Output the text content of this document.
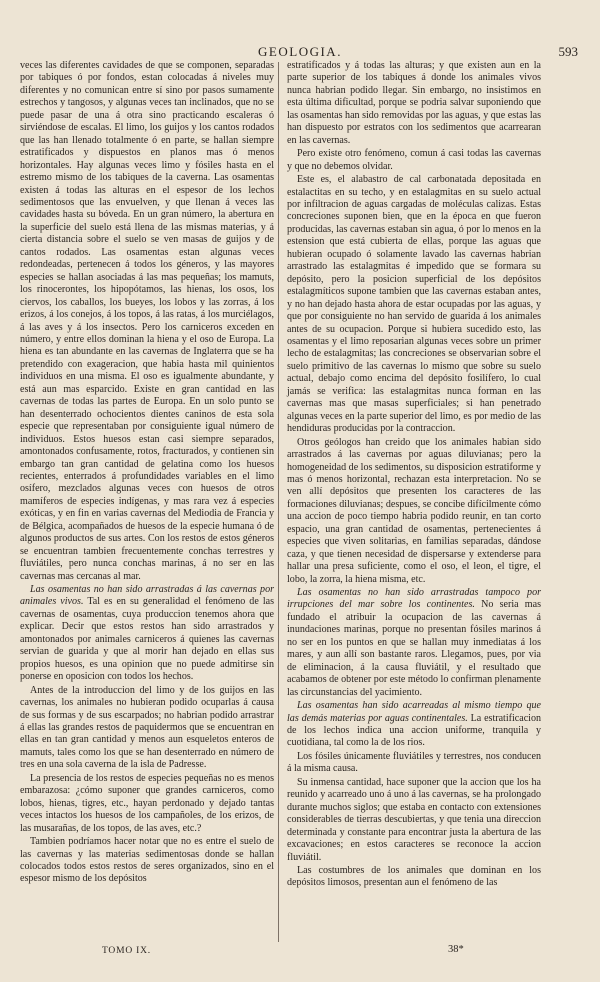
GEOLOGIA.	593

veces las diferentes cavidades de que se componen, separadas por tabiques ó por fondos, estan colocadas á niveles muy diferentes y no comunican entre sí sino por pasos sumamente estrechos y tangosos, y algunas veces tan inclinados, que no se puede pasar de una á otra sino practicando escaleras ó sirviéndose de escalas. El limo, los guijos y los cantos rodados que las han llenado totalmente ó en parte, se hallan siempre estratificados y dispuestos en planos mas ó menos horizontales. Hay algunas veces limo y fósiles hasta en el estremo mismo de los tabiques de la caverna. Las osamentas existen á todas las alturas en el espesor de los lechos sedimentosos que las envuelven, y que llenan á veces las cavidades hasta su bóveda. En un gran número, la abertura en la superficie del suelo está llena de las mismas materias, y á cierta distancia sobre el suelo se ven masas de guijos y de cantos rodados. Las osamentas estan algunas veces redondeadas, pertenecen á todos los géneros, y las mayores especies se hallan asociadas á las mas pequeñas; los mamuts, los rinocerontes, los hipopótamos, las hienas, los osos, los ciervos, los caballos, los bueyes, los lobos y las zorras, á los erizos, á los conejos, á los topos, á las ratas, á los murciélagos, á las aves y á los insectos. Pero los carniceros exceden en número, y entre ellos dominan la hiena y el oso de Europa. La hiena es tan abundante en las cavernas de Inglaterra que se ha pretendido con exageracion, que habia hasta mil quinientos individuos en una misma. El oso es igualmente abundante, y está aun mas esparcido. Existe en gran cantidad en las cavernas de todas las partes de Europa. En un solo punto se han desenterrado ochocientos dientes caninos de esta sola especie que representaban por consiguiente igual número de individuos. Estos huesos estan casi siempre separados, amontonados confusamente, rotos, fracturados, y contienen sin embargo tan gran cantidad de gelatina como los huesos recientes, enterrados á profundidades variables en el limo osífero, mezclados algunas veces con huesos de otros mamíferos de especies indígenas, y mas rara vez á especies exóticas, y en fin en varias cavernas del Mediodia de Francia y de Bélgica, acompañados de huesos de la especie humana ó de algunos productos de sus artes. Con los restos de estos géneros se encuentran tambien frecuentemente conchas terrestres y fluviátiles, pero nunca conchas marinas, á no ser en las cavernas mas cercanas al mar.

Las osamentas no han sido arrastradas á las cavernas por animales vivos. Tal es en su generalidad el fenómeno de las cavernas de osamentas, cuya produccion tenemos ahora que explicar. Decir que estos restos han sido arrastrados y amontonados por animales carniceros á quienes las cavernas servian de guarida y que al morir han dejado en ellas sus propios huesos, es una opinion que no puede admitirse sin ponerse en oposicion con todos los hechos.

Antes de la introduccion del limo y de los guijos en las cavernas, los animales no hubieran podido ocuparlas á causa de sus formas y de sus escarpados; no habrian podido arrastrar á ellas las grandes restos de paquidermos que se encuentran en ellas en tan gran cantidad y menos aun esqueletos enteros de mamuts, tales como los que se han desenterrado en número de tres en una sola caverna de la isla de Padresse.

La presencia de los restos de especies pequeñas no es menos embarazosa: ¿cómo suponer que grandes carniceros, como lobos, hienas, tigres, etc., hayan perdonado y dejado tantas veces intactos los huesos de los campañoles, de los erizos, de las musarañas, de los topos, de las aves, etc.?

Tambien podríamos hacer notar que no es entre el suelo de las cavernas y las materias sedimentosas donde se hallan colocados todos estos restos de seres organizados, sino en el espesor mismo de los depósitos

estratificados y á todas las alturas; y que existen aun en la parte superior de los tabiques á donde los animales vivos nunca habrian podido llegar. Sin embargo, no insistimos en esta última dificultad, porque se podria salvar suponiendo que las osamentas han sido removidas por las aguas, y que estas las han dispuesto por estratos con los sedimentos que acarrearan en las cavernas.

Pero existe otro fenómeno, comun á casi todas las cavernas y que no debemos olvidar.

Este es, el alabastro de cal carbonatada depositada en estalactitas en su techo, y en estalagmitas en su suelo actual por infiltracion de aguas cargadas de moléculas calizas. Estas concreciones suponen bien, que en la época en que fueron producidas, las cavernas estaban sin agua, ó por lo menos en la estension que está cubierta de ellas, porque las aguas que hubieran ocupado ó solamente lavado las cavernas habrian arrastrado las estalagmitas é impedido que se formara su depósito, pero la posicion superficial de los depósitos estalagmíticos supone tambien que las cavernas estaban antes, y no han dejado hasta ahora de estar ocupadas por las aguas, y que por consiguiente no han servido de guarida á los animales antes de su ocupacion. Porque si hubiera sucedido esto, las osamentas y el limo reposarian algunas veces sobre un primer lecho de estalagmitas; las concreciones se observarian sobre el suelo primitivo de las cavernas lo mismo que sobre su suelo actual, debajo como encima del depósito fosilífero, lo cual jamás se verifica: las estalagmitas nunca forman en las cavernas mas que masas superficiales; si han penetrado algunas veces en la parte superior del limo, es por medio de las hendiduras producidas por la contraccion.

Otros geólogos han creido que los animales habian sido arrastrados á las cavernas por aguas diluvianas; pero la homogeneidad de los sedimentos, su disposicion estratiforme y mas ó menos horizontal, rechazan esta interpretacion. No se ven allí depósitos que presenten los caracteres de las formaciones diluvianas; despues, se concibe difícilmente cómo una accion de poco tiempo habria podido reunir, en tan corto espacio, una gran cantidad de osamentas, pertenecientes á especies que viven solitarias, en familias separadas, dándose caza, y que tienen necesidad de dispersarse y extenderse para hallar una presa suficiente, como el oso, el leon, el tigre, el lobo, la zorra, la hiena misma, etc.

Las osamentas no han sido arrastradas tampoco por irrupciones del mar sobre los continentes. No seria mas fundado el atribuir la ocupacion de las cavernas á inundaciones marinas, porque no presentan fósiles marinos á no ser en los puntos en que se hallan muy inmediatas á los mares, y aun allí son bastante raros. Llegamos, pues, por via de eliminacion, á la causa fluviátil, y el resultado que acabamos de obtener por este método lo confirman plenamente las circunstancias del yacimiento.

Las osamentas han sido acarreadas al mismo tiempo que las demás materias por aguas continentales. La estratificacion de los lechos indica una accion uniforme, tranquila y cuotidiana, tal como la de los rios.

Los fósiles únicamente fluviátiles y terrestres, nos conducen á la misma causa.

Su inmensa cantidad, hace suponer que la accion que los ha reunido y acarreado uno á uno á las cavernas, se ha prolongado durante muchos siglos; que estaba en contacto con extensiones considerables de tierras descubiertas, y que tenia una direccion determinada y constante para encontrar justa la abertura de las excavaciones; en estos caracteres se reconoce la accion fluviátil.

Las costumbres de los animales que dominan en los depósitos limosos, presentan aun el fenómeno de las

TOMO IX.	38*
